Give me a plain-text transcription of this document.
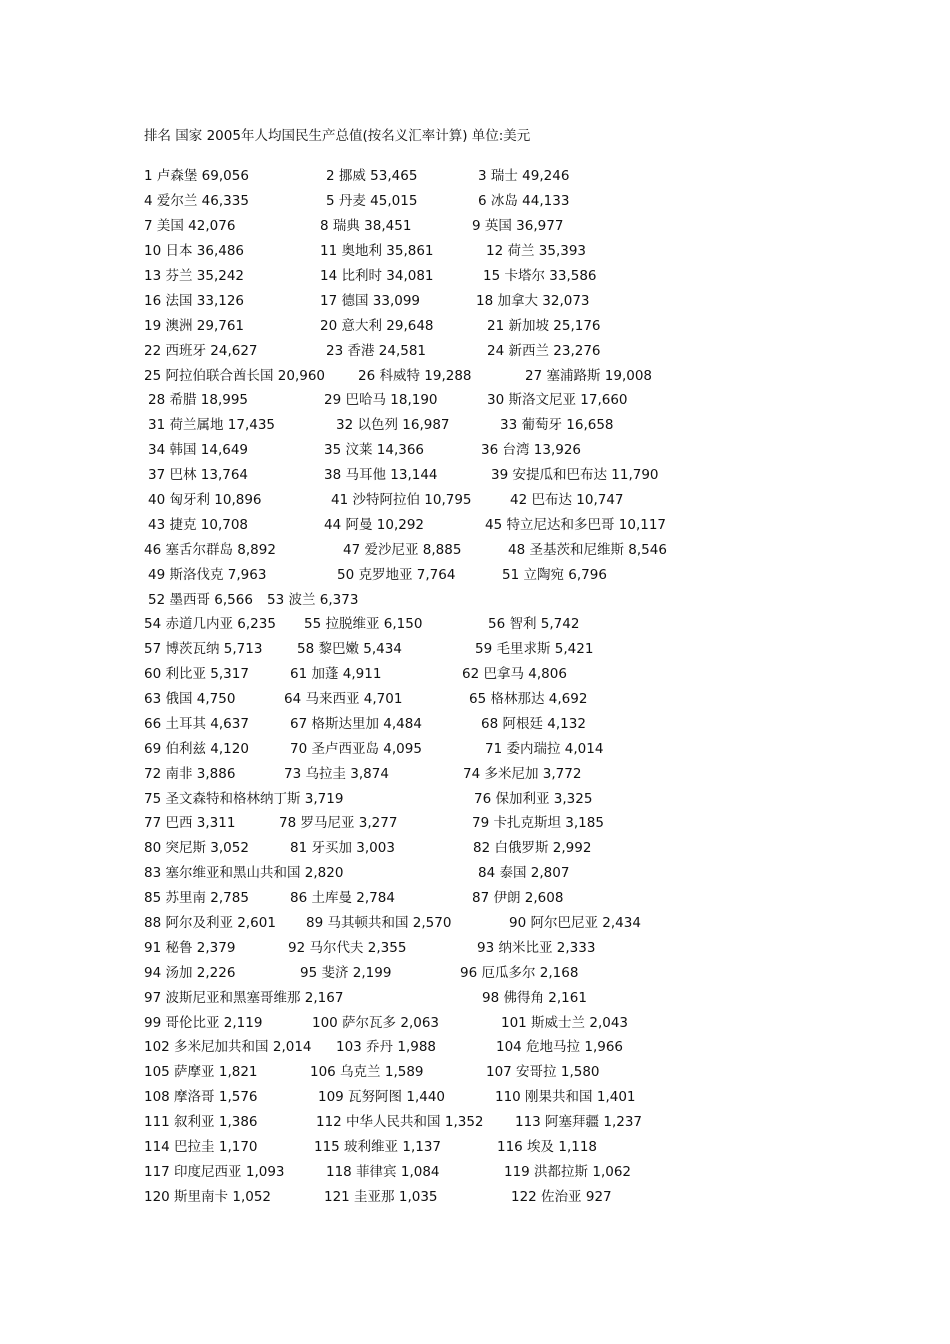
排名 国家 2005年人均国民生产总值(按名义汇率计算) 单位:美元
1 卢森堡 69,056	2 挪威 53,465	3 瑞士 49,246
4 爱尔兰 46,335	5 丹麦 45,015	6 冰岛 44,133
7 美国 42,076	8 瑞典 38,451	9 英国 36,977
10 日本 36,486	11 奥地利 35,861	12 荷兰 35,393
13 芬兰 35,242	14 比利时 34,081	15 卡塔尔 33,586
16 法国 33,126	17 德国 33,099	18 加拿大 32,073
19 澳洲 29,761	20 意大利 29,648	21 新加坡 25,176
22 西班牙 24,627	23 香港 24,581	24 新西兰 23,276
25 阿拉伯联合酋长国 20,960 26 科威特 19,288	27 塞浦路斯 19,008
28 希腊 18,995	29 巴哈马 18,190	30 斯洛文尼亚 17,660
31 荷兰属地 17,435	32 以色列 16,987	33 葡萄牙 16,658
34 韩国 14,649	35 汶莱 14,366	36 台湾 13,926
37 巴林 13,764	38 马耳他 13,144	39 安提瓜和巴布达 11,790
40 匈牙利 10,896	41 沙特阿拉伯 10,795	42 巴布达 10,747
43 捷克 10,708	44 阿曼 10,292	45 特立尼达和多巴哥 10,117
46 塞舌尔群岛 8,892	47 爱沙尼亚 8,885	48 圣基茨和尼维斯 8,546
49 斯洛伐克 7,963	50 克罗地亚 7,764	51 立陶宛 6,796
52 墨西哥 6,566 53 波兰 6,373
54 赤道几内亚 6,235 55 拉脱维亚 6,150	56 智利 5,742
57 博茨瓦纳 5,713	58 黎巴嫩 5,434	59 毛里求斯 5,421
60 利比亚 5,317	61 加蓬 4,911	62 巴拿马 4,806
63 俄国 4,750	64 马来西亚 4,701	65 格林那达 4,692
66 土耳其 4,637	67 格斯达里加 4,484	68 阿根廷 4,132
69 伯利兹 4,120	70 圣卢西亚岛 4,095	71 委内瑞拉 4,014
72 南非 3,886	73 乌拉圭 3,874	74 多米尼加 3,772
75 圣文森特和格林纳丁斯 3,719	76 保加利亚 3,325
77 巴西 3,311	78 罗马尼亚 3,277	79 卡扎克斯坦 3,185
80 突尼斯 3,052	81 牙买加 3,003	82 白俄罗斯 2,992
83 塞尔维亚和黑山共和国 2,820	84 泰国 2,807
85 苏里南 2,785	86 土库曼 2,784	87 伊朗 2,608
88 阿尔及利亚 2,601 89 马其顿共和国 2,570	90 阿尔巴尼亚 2,434
91 秘鲁 2,379	92 马尔代夫 2,355	93 纳米比亚 2,333
94 汤加 2,226	95 斐济 2,199	96 厄瓜多尔 2,168
97 波斯尼亚和黑塞哥维那 2,167	98 佛得角 2,161
99 哥伦比亚 2,119	100 萨尔瓦多 2,063	101 斯威士兰 2,043
102 多米尼加共和国 2,014 103 乔丹 1,988	104 危地马拉 1,966
105 萨摩亚 1,821	106 乌克兰 1,589	107 安哥拉 1,580
108 摩洛哥 1,576	109 瓦努阿图 1,440	110 刚果共和国 1,401
111 叙利亚 1,386	112 中华人民共和国 1,352 113 阿塞拜疆 1,237
114 巴拉圭 1,170	115 玻利维亚 1,137	116 埃及 1,118
117 印度尼西亚 1,093	118 菲律宾 1,084	119 洪都拉斯 1,062
120 斯里南卡 1,052	121 圭亚那 1,035	122 佐治亚 927
